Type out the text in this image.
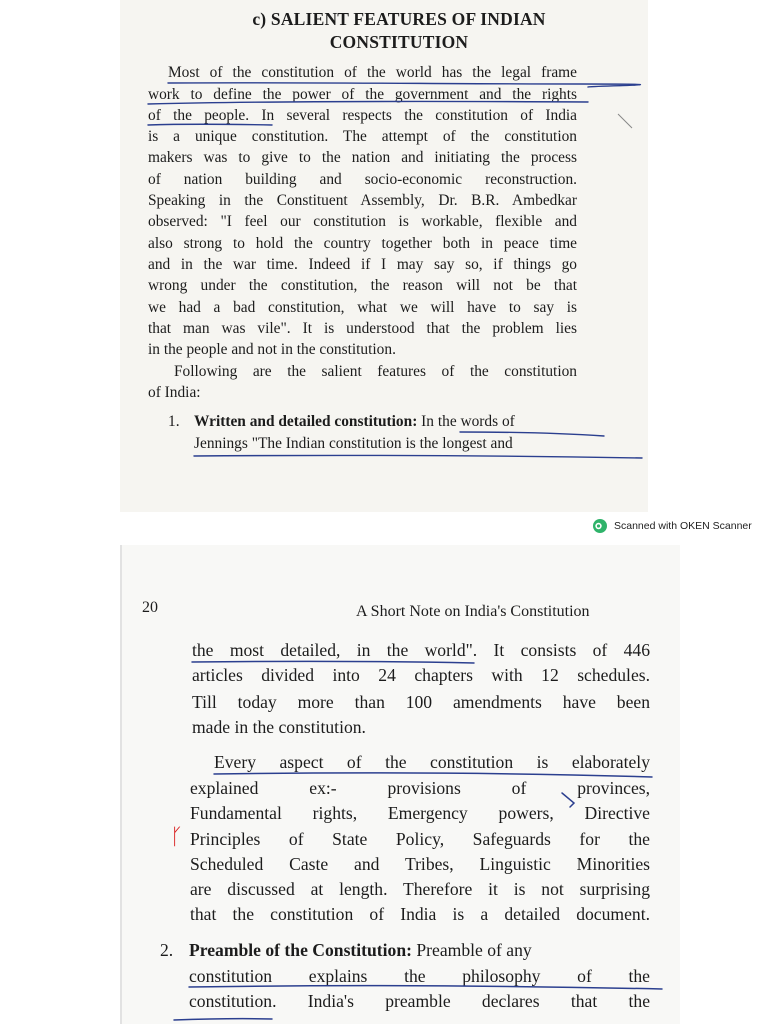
c) SALIENT FEATURES OF INDIAN
CONSTITUTION
Most of the constitution of the world has the legal frame
work to define the power of the government and the rights
of the people. In several respects the constitution of India
is a unique constitution. The attempt of the constitution
makers was to give to the nation and initiating the process
of nation building and socio-economic reconstruction.
Speaking in the Constituent Assembly, Dr. B.R. Ambedkar
observed: "I feel our constitution is workable, flexible and
also strong to hold the country together both in peace time
and in the war time. Indeed if I may say so, if things go
wrong under the constitution, the reason will not be that
we had a bad constitution, what we will have to say is
that man was vile". It is understood that the problem lies
in the people and not in the constitution.
Following are the salient features of the constitution
of India:
1. Written and detailed constitution: In the words of
Jennings "The Indian constitution is the longest and
Scanned with OKEN Scanner
20	A Short Note on India's Constitution
the most detailed, in the world". It consists of 446
articles divided into 24 chapters with 12 schedules.
Till today more than 100 amendments have been
made in the constitution.
Every aspect of the constitution is elaborately
explained ex:- provisions of provinces,
Fundamental rights, Emergency powers, Directive
Principles of State Policy, Safeguards for the
Scheduled Caste and Tribes, Linguistic Minorities
are discussed at length. Therefore it is not surprising
that the constitution of India is a detailed document.
2. Preamble of the Constitution: Preamble of any
constitution explains the philosophy of the
constitution. India's preamble declares that the
ᚴ
